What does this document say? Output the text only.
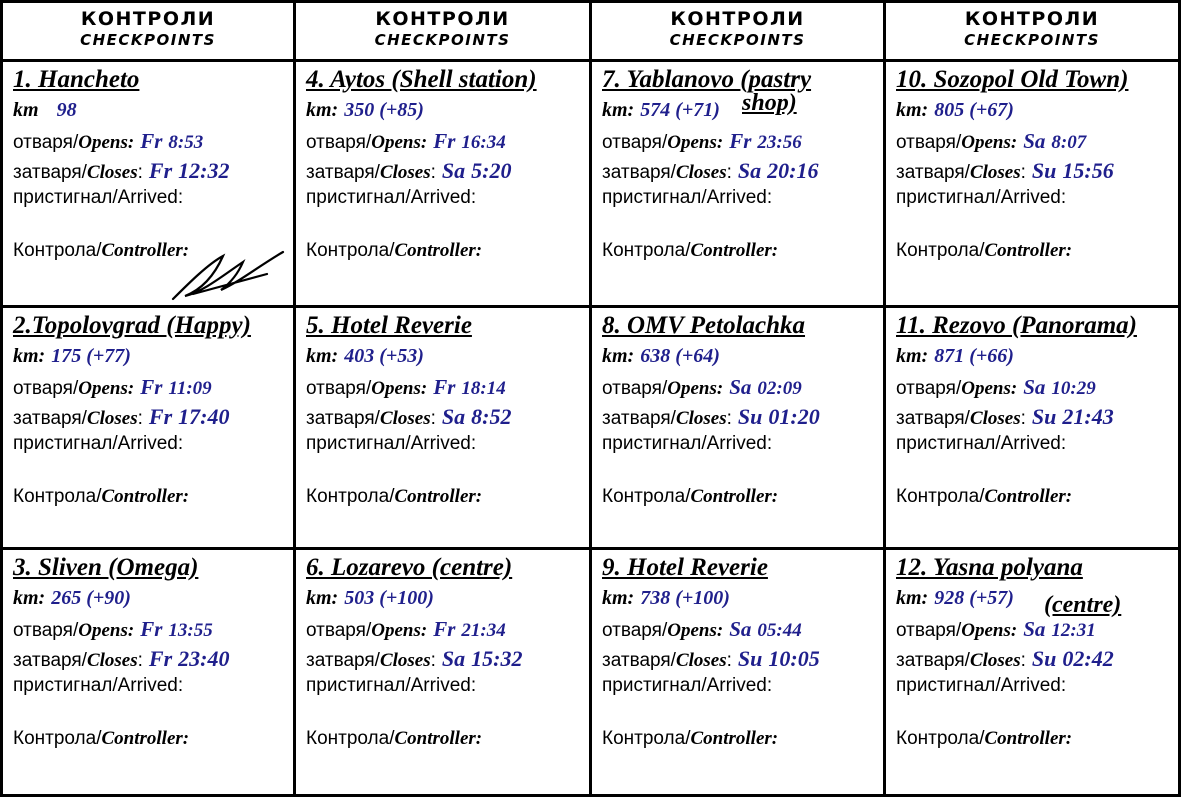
КОНТРОЛИ
CHECKPOINTS
1. Hancheto
km 98
отваря/Opens: Fr 8:53
затваря/Closes: Fr 12:32
пристигнал/Arrived:
Контрола/Controller:
2.Topolovgrad (Happy)
km: 175 (+77)
отваря/Opens: Fr 11:09
затваря/Closes: Fr 17:40
пристигнал/Arrived:
Контрола/Controller:
3. Sliven (Omega)
km: 265 (+90)
отваря/Opens: Fr 13:55
затваря/Closes: Fr 23:40
пристигнал/Arrived:
Контрола/Controller:
КОНТРОЛИ
CHECKPOINTS
4. Aytos (Shell station)
km: 350 (+85)
отваря/Opens: Fr 16:34
затваря/Closes: Sa 5:20
пристигнал/Arrived:
Контрола/Controller:
5. Hotel Reverie
km: 403 (+53)
отваря/Opens: Fr 18:14
затваря/Closes: Sa 8:52
пристигнал/Arrived:
Контрола/Controller:
6. Lozarevo (centre)
km: 503 (+100)
отваря/Opens: Fr 21:34
затваря/Closes: Sa 15:32
пристигнал/Arrived:
Контрола/Controller:
КОНТРОЛИ
CHECKPOINTS
7. Yablanovo (pastry
shop)
km: 574 (+71)
отваря/Opens: Fr 23:56
затваря/Closes: Sa 20:16
пристигнал/Arrived:
Контрола/Controller:
8. OMV Petolachka
km: 638 (+64)
отваря/Opens: Sa 02:09
затваря/Closes: Su 01:20
пристигнал/Arrived:
Контрола/Controller:
9. Hotel Reverie
km: 738 (+100)
отваря/Opens: Sa 05:44
затваря/Closes: Su 10:05
пристигнал/Arrived:
Контрола/Controller:
КОНТРОЛИ
CHECKPOINTS
10. Sozopol Old Town)
km: 805 (+67)
отваря/Opens: Sa 8:07
затваря/Closes: Su 15:56
пристигнал/Arrived:
Контрола/Controller:
11. Rezovo (Panorama)
km: 871 (+66)
отваря/Opens: Sa 10:29
затваря/Closes: Su 21:43
пристигнал/Arrived:
Контрола/Controller:
12. Yasna polyana
(centre)
km: 928 (+57)
отваря/Opens: Sa 12:31
затваря/Closes: Su 02:42
пристигнал/Arrived:
Контрола/Controller:
